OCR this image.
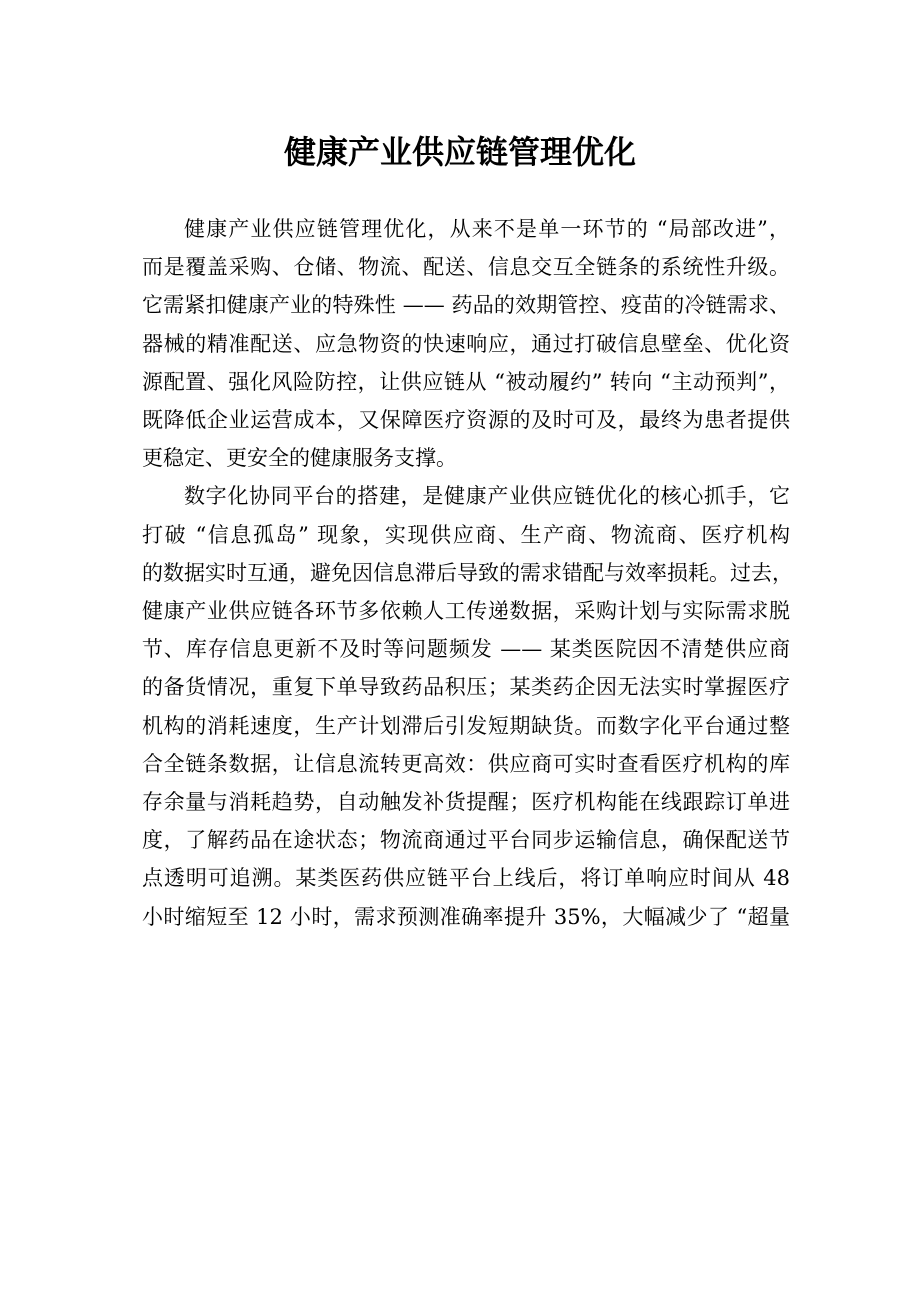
健康产业供应链管理优化

健康产业供应链管理优化，从来不是单一环节的 “局部改进”，
而是覆盖采购、仓储、物流、配送、信息交互全链条的系统性升级。
它需紧扣健康产业的特殊性 —— 药品的效期管控、疫苗的冷链需求、
器械的精准配送、应急物资的快速响应，通过打破信息壁垒、优化资
源配置、强化风险防控，让供应链从 “被动履约” 转向 “主动预判”，
既降低企业运营成本，又保障医疗资源的及时可及，最终为患者提供
更稳定、更安全的健康服务支撑。

数字化协同平台的搭建，是健康产业供应链优化的核心抓手，它
打破 “信息孤岛” 现象，实现供应商、生产商、物流商、医疗机构
的数据实时互通，避免因信息滞后导致的需求错配与效率损耗。过去，
健康产业供应链各环节多依赖人工传递数据，采购计划与实际需求脱
节、库存信息更新不及时等问题频发 —— 某类医院因不清楚供应商
的备货情况，重复下单导致药品积压；某类药企因无法实时掌握医疗
机构的消耗速度，生产计划滞后引发短期缺货。而数字化平台通过整
合全链条数据，让信息流转更高效：供应商可实时查看医疗机构的库
存余量与消耗趋势，自动触发补货提醒；医疗机构能在线跟踪订单进
度，了解药品在途状态；物流商通过平台同步运输信息，确保配送节
点透明可追溯。某类医药供应链平台上线后，将订单响应时间从 48
小时缩短至 12 小时，需求预测准确率提升 35%，大幅减少了 “超量
